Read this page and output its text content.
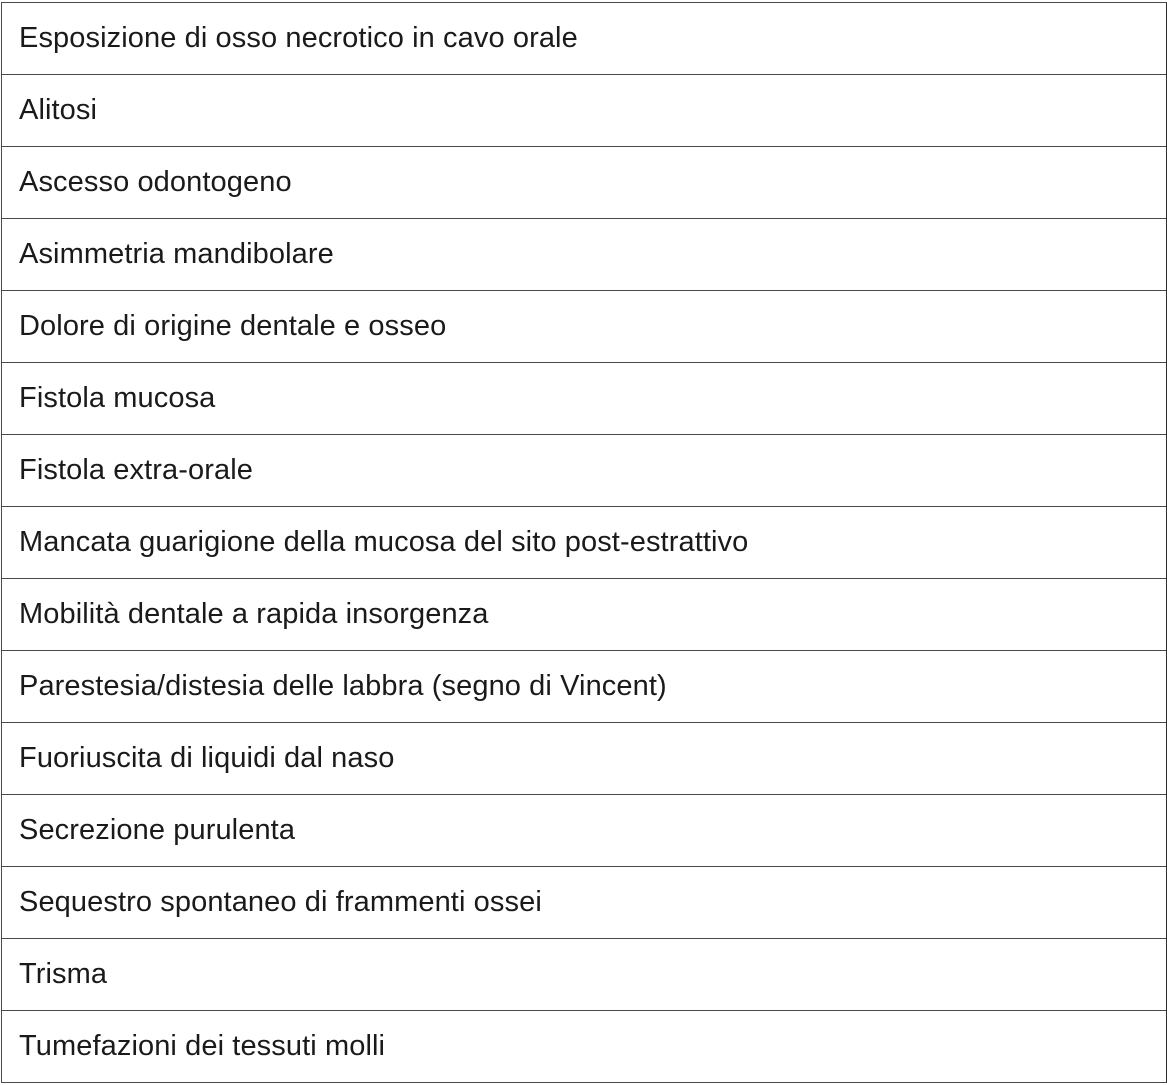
Esposizione di osso necrotico in cavo orale
Alitosi
Ascesso odontogeno
Asimmetria mandibolare
Dolore di origine dentale e osseo
Fistola mucosa
Fistola extra-orale
Mancata guarigione della mucosa del sito post-estrattivo
Mobilità dentale a rapida insorgenza
Parestesia/distesia delle labbra (segno di Vincent)
Fuoriuscita di liquidi dal naso
Secrezione purulenta
Sequestro spontaneo di frammenti ossei
Trisma
Tumefazioni dei tessuti molli
